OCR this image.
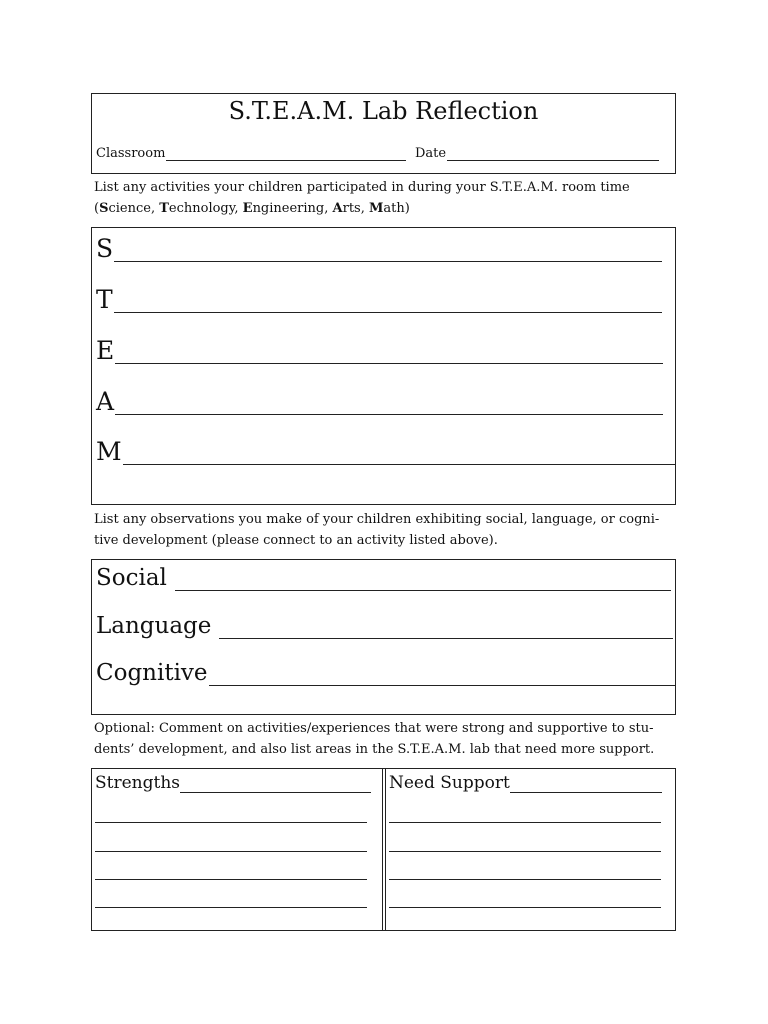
S.T.E.A.M. Lab Reflection
Classroom	Date
List any activities your children participated in during your S.T.E.A.M. room time
(Science, Technology, Engineering, Arts, Math)
S
T
E
A
M
List any observations you make of your children exhibiting social, language, or cogni-
tive development (please connect to an activity listed above).
Social
Language
Cognitive
Optional: Comment on activities/experiences that were strong and supportive to stu-
dents’ development, and also list areas in the S.T.E.A.M. lab that need more support.
Strengths	Need Support
